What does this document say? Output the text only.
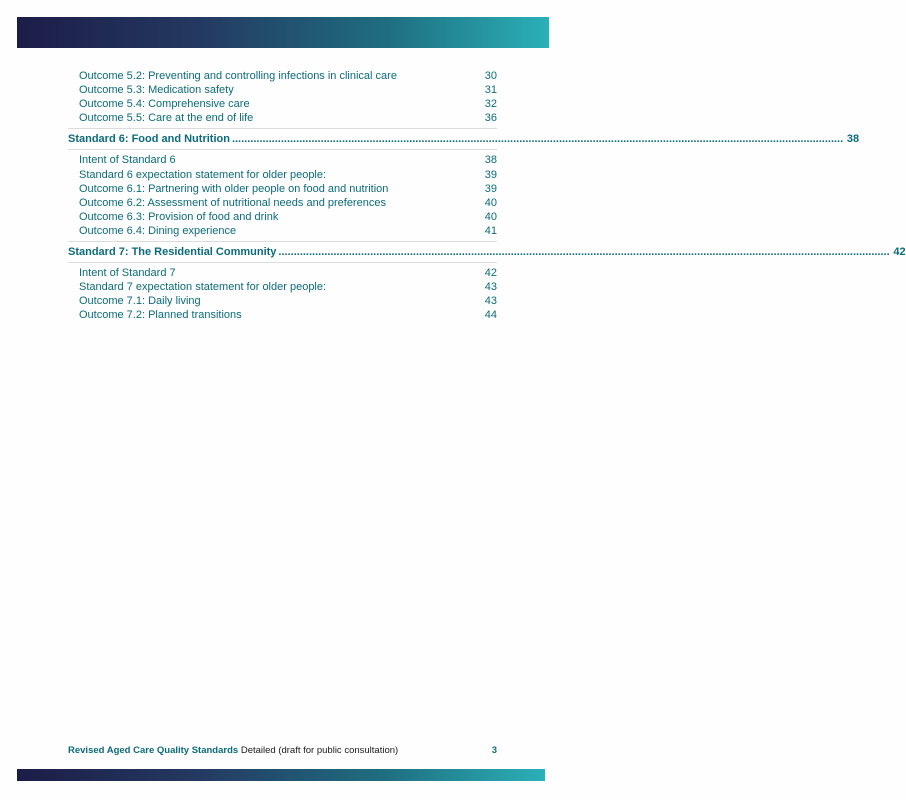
Outcome 5.2: Preventing and controlling infections in clinical care	30
Outcome 5.3: Medication safety	31
Outcome 5.4: Comprehensive care	32
Outcome 5.5: Care at the end of life	36
Standard 6: Food and Nutrition ........................................................................................................................................................................................................ 38
Intent of Standard 6	38
Standard 6 expectation statement for older people:	39
Outcome 6.1: Partnering with older people on food and nutrition	39
Outcome 6.2: Assessment of nutritional needs and preferences	40
Outcome 6.3: Provision of food and drink	40
Outcome 6.4: Dining experience	41
Standard 7: The Residential Community ........................................................................................................................................................................................................ 42
Intent of Standard 7	42
Standard 7 expectation statement for older people:	43
Outcome 7.1: Daily living	43
Outcome 7.2: Planned transitions	44
Revised Aged Care Quality Standards Detailed (draft for public consultation)	3
